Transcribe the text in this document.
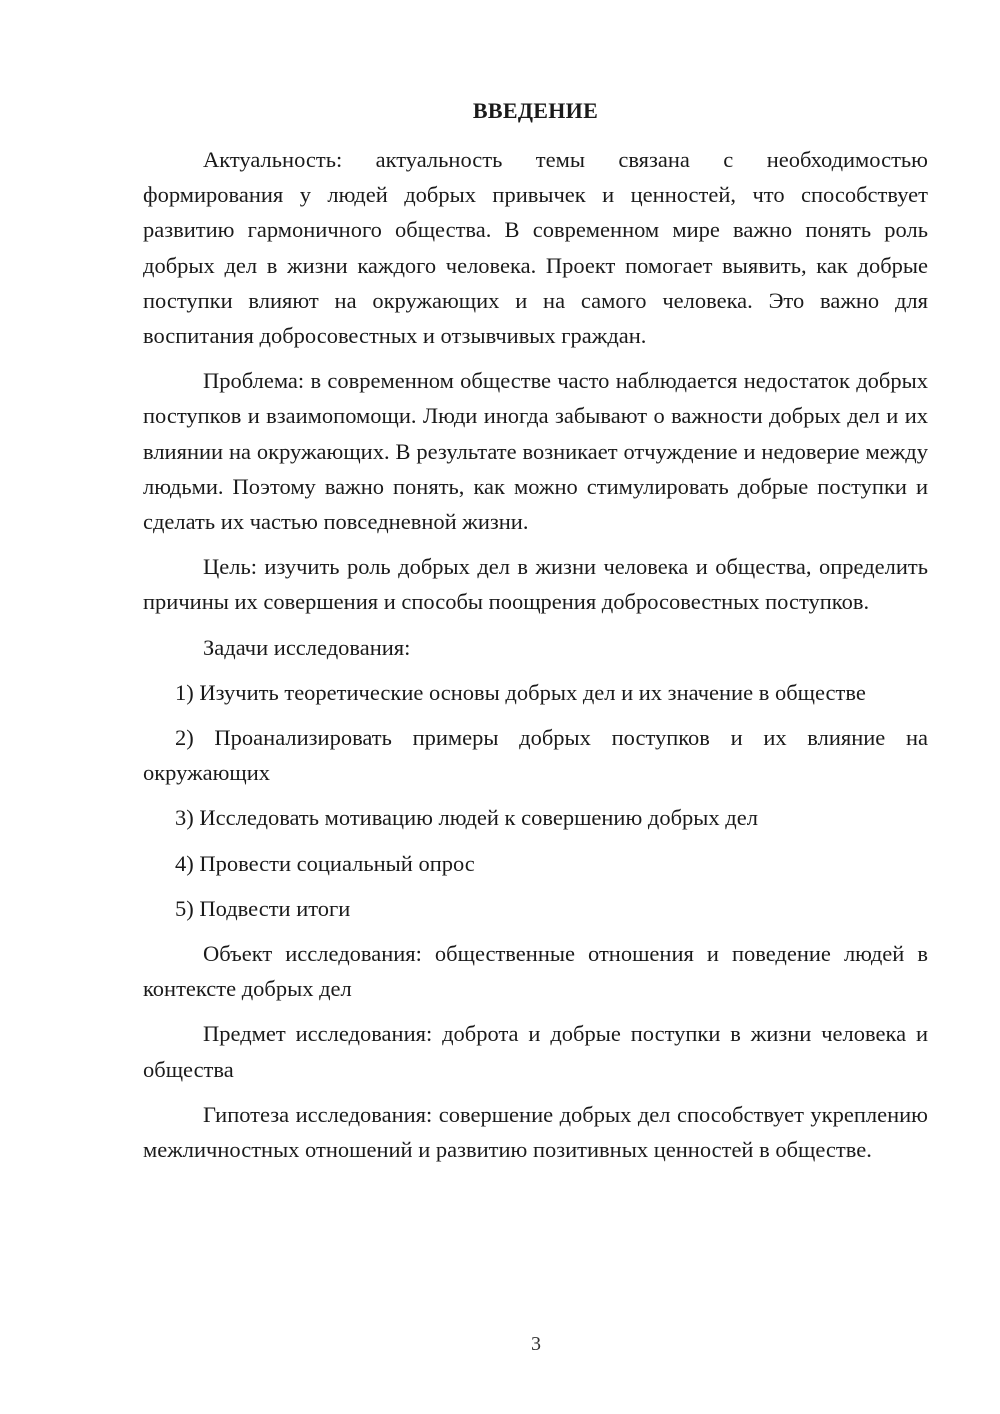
ВВЕДЕНИЕ

Актуальность: актуальность темы связана с необходимостью формирования у людей добрых привычек и ценностей, что способствует развитию гармоничного общества. В современном мире важно понять роль добрых дел в жизни каждого человека. Проект помогает выявить, как добрые поступки влияют на окружающих и на самого человека. Это важно для воспитания добросовестных и отзывчивых граждан.

Проблема: в современном обществе часто наблюдается недостаток добрых поступков и взаимопомощи. Люди иногда забывают о важности добрых дел и их влиянии на окружающих. В результате возникает отчуждение и недоверие между людьми. Поэтому важно понять, как можно стимулировать добрые поступки и сделать их частью повседневной жизни.

Цель: изучить роль добрых дел в жизни человека и общества, определить причины их совершения и способы поощрения добросовестных поступков.

Задачи исследования:

1) Изучить теоретические основы добрых дел и их значение в обществе

2) Проанализировать примеры добрых поступков и их влияние на окружающих

3) Исследовать мотивацию людей к совершению добрых дел

4) Провести социальный опрос

5) Подвести итоги

Объект исследования: общественные отношения и поведение людей в контексте добрых дел

Предмет исследования: доброта и добрые поступки в жизни человека и общества

Гипотеза исследования: совершение добрых дел способствует укреплению межличностных отношений и развитию позитивных ценностей в обществе.

3
